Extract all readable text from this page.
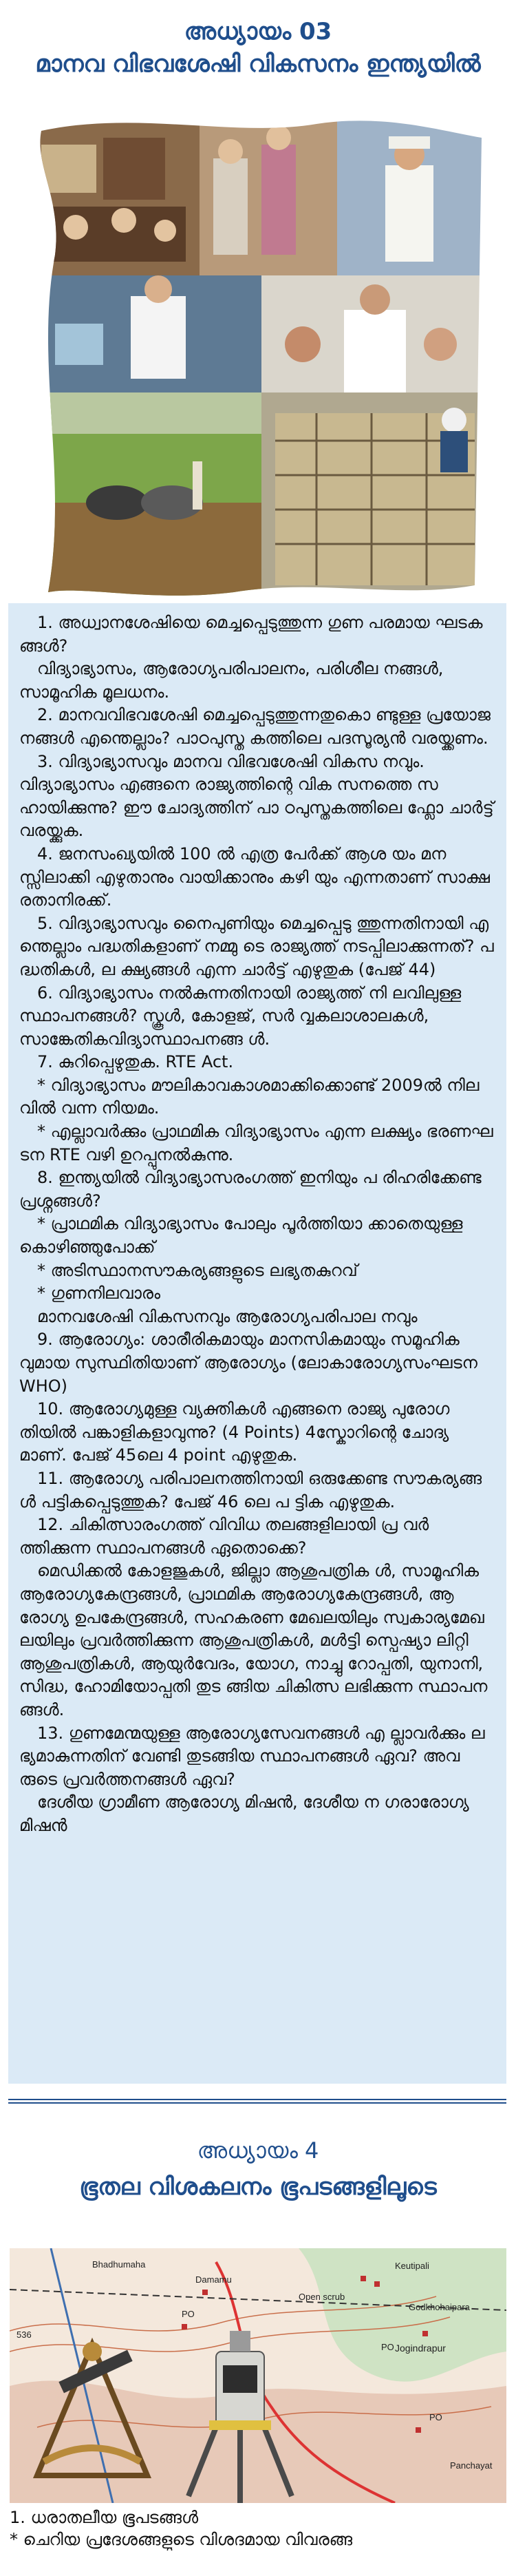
അധ്യായം 03
മാനവ വിഭവശേഷി വികസനം ഇന്ത്യയിൽ

1. അധ്വാനശേഷിയെ മെച്ചപ്പെടുത്തുന്ന ഗുണ പരമായ ഘടകങ്ങൾ?

വിദ്യാഭ്യാസം, ആരോഗ്യപരിപാലനം, പരിശീല നങ്ങൾ, സാമൂഹിക മൂലധനം.

2. മാനവവിഭവശേഷി മെച്ചപ്പെടുത്തുന്നതുകൊ ണ്ടുള്ള പ്രയോജനങ്ങൾ എന്തെല്ലാം? പാഠപുസ്ത കത്തിലെ പദസൂര്യൻ വരയ്ക്കണം.

3. വിദ്യാഭ്യാസവും മാനവ വിഭവശേഷി വികസ നവും. വിദ്യാഭ്യാസം എങ്ങനെ രാജ്യത്തിന്റെ വിക സനത്തെ സഹായിക്കുന്നു? ഈ ചോദ്യത്തിന് പാ ഠപുസ്തകത്തിലെ ഫ്ലോ ചാർട്ട് വരയ്ക്കുക.

4. ജനസംഖ്യയിൽ 100 ൽ എത്ര പേർക്ക് ആശ യം മനസ്സിലാക്കി എഴുതാനും വായിക്കാനും കഴി യും എന്നതാണ് സാക്ഷരതാനിരക്ക്.

5. വിദ്യാഭ്യാസവും നൈപുണിയും മെച്ചപ്പെടു ത്തുന്നതിനായി എന്തെല്ലാം പദ്ധതികളാണ് നമ്മു ടെ രാജ്യത്ത് നടപ്പിലാക്കുന്നത്? പദ്ധതികൾ, ല ക്ഷ്യങ്ങൾ എന്ന ചാർട്ട് എഴുതുക (പേജ് 44)

6. വിദ്യാഭ്യാസം നൽകുന്നതിനായി രാജ്യത്ത് നി ലവിലുള്ള സ്ഥാപനങ്ങൾ? സ്കൂൾ, കോളജ്, സർ വ്വകലാശാലകൾ, സാങ്കേതികവിദ്യാസ്ഥാപനങ്ങ ൾ.

7. കുറിപ്പെഴുതുക. RTE Act.

* വിദ്യാഭ്യാസം മൗലികാവകാശമാക്കിക്കൊണ്ട് 2009ൽ നിലവിൽ വന്ന നിയമം.

* എല്ലാവർക്കും പ്രാഥമിക വിദ്യാഭ്യാസം എന്ന ലക്ഷ്യം ഭരണഘടന RTE വഴി ഉറപ്പുനൽകുന്നു.

8. ഇന്ത്യയിൽ വിദ്യാഭ്യാസരംഗത്ത് ഇനിയും പ രിഹരിക്കേണ്ട പ്രശ്നങ്ങൾ?

* പ്രാഥമിക വിദ്യാഭ്യാസം പോലും പൂർത്തിയാ ക്കാതെയുള്ള കൊഴിഞ്ഞുപോക്ക്

* അടിസ്ഥാനസൗകര്യങ്ങളുടെ ലഭ്യതകുറവ്

* ഗുണനിലവാരം

മാനവശേഷി വികസനവും ആരോഗ്യപരിപാല നവും

9. ആരോഗ്യം: ശാരീരികമായും മാനസികമായും സമൂഹികവുമായ സുസ്ഥിതിയാണ് ആരോഗ്യം (ലോകാരോഗ്യസംഘടന WHO)

10. ആരോഗ്യമുള്ള വ്യക്തികൾ എങ്ങനെ രാജ്യ പുരോഗതിയിൽ പങ്കാളികളാവുന്നു? (4 Points) 4സ്കോറിന്റെ ചോദ്യമാണ്. പേജ് 45ലെ 4 point എഴുതുക.

11. ആരോഗ്യ പരിപാലനത്തിനായി ഒരുക്കേണ്ട സൗകര്യങ്ങൾ പട്ടികപ്പെടുത്തുക? പേജ് 46 ലെ പ ട്ടിക എഴുതുക.

12. ചികിത്സാരംഗത്ത് വിവിധ തലങ്ങളിലായി പ്ര വർത്തിക്കുന്ന സ്ഥാപനങ്ങൾ ഏതൊക്കെ?

മെഡിക്കൽ കോളജുകൾ, ജില്ലാ ആശുപത്രിക ൾ, സാമൂഹിക ആരോഗ്യകേന്ദ്രങ്ങൾ, പ്രാഥമിക ആരോഗ്യകേന്ദ്രങ്ങൾ, ആരോഗ്യ ഉപകേന്ദ്രങ്ങൾ, സഹകരണ മേഖലയിലും സ്വകാര്യമേഖലയിലും പ്രവർത്തിക്കുന്ന ആശുപത്രികൾ, മൾട്ടി സ്പെഷ്യാ ലിറ്റി ആശുപത്രികൾ, ആയുർവേദം, യോഗ, നാച്ചു റോപ്പതി, യുനാനി, സിദ്ധ, ഹോമിയോപ്പതി തുട ങ്ങിയ ചികിത്സ ലഭിക്കുന്ന സ്ഥാപനങ്ങൾ.

13. ഗുണമേന്മയുള്ള ആരോഗ്യസേവനങ്ങൾ എ ല്ലാവർക്കും ലഭ്യമാകുന്നതിന് വേണ്ടി തുടങ്ങിയ സ്ഥാപനങ്ങൾ ഏവ? അവരുടെ പ്രവർത്തനങ്ങൾ ഏവ?

ദേശീയ ഗ്രാമീണ ആരോഗ്യ മിഷൻ, ദേശീയ ന ഗരാരോഗ്യ മിഷൻ

അധ്യായം 4
ഭൂതല വിശകലനം ഭൂപടങ്ങളിലൂടെ
Bhadhumaha
Damamu
Open scrub
Keutipali
Godkhohaipara
Jogindrapur
PO
PO
536
Panchayat
PO

1. ധരാതലീയ ഭൂപടങ്ങൾ

* ചെറിയ പ്രദേശങ്ങളുടെ വിശദമായ വിവരങ്ങ
